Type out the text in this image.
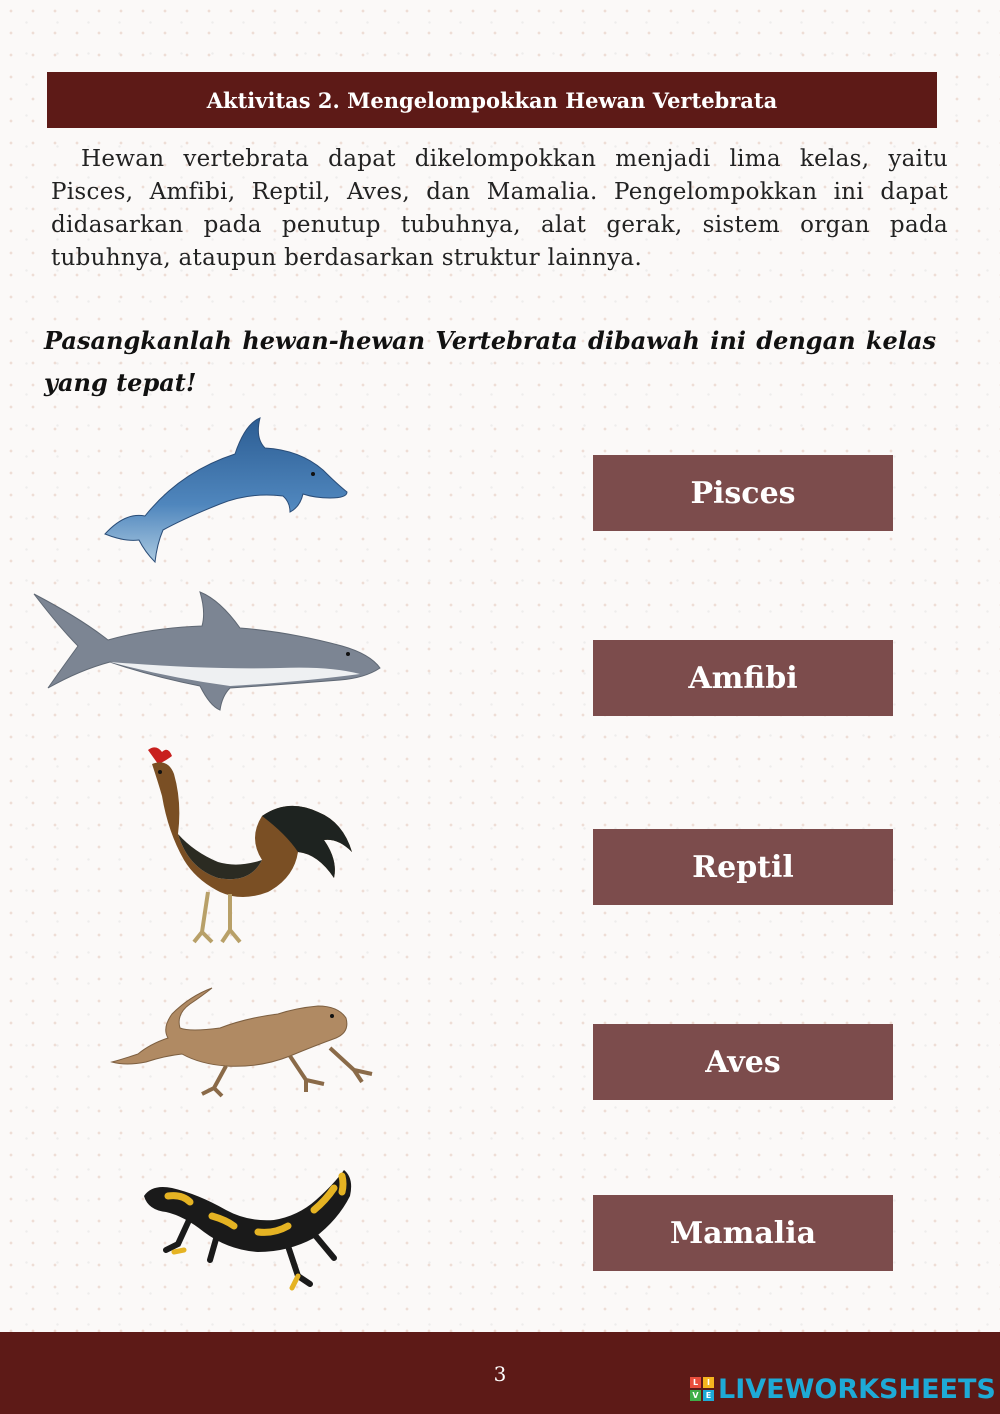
Aktivitas 2. Mengelompokkan Hewan Vertebrata

Hewan vertebrata dapat dikelompokkan menjadi lima kelas, yaitu Pisces, Amfibi, Reptil, Aves, dan Mamalia. Pengelompokkan ini dapat didasarkan pada penutup tubuhnya, alat gerak, sistem organ pada tubuhnya, ataupun berdasarkan struktur lainnya.

Pasangkanlah hewan-hewan Vertebrata dibawah ini dengan kelas yang tepat!

Pisces
Amfibi
Reptil
Aves
Mamalia
3	L	I
V E LIVEWORKSHEETS
